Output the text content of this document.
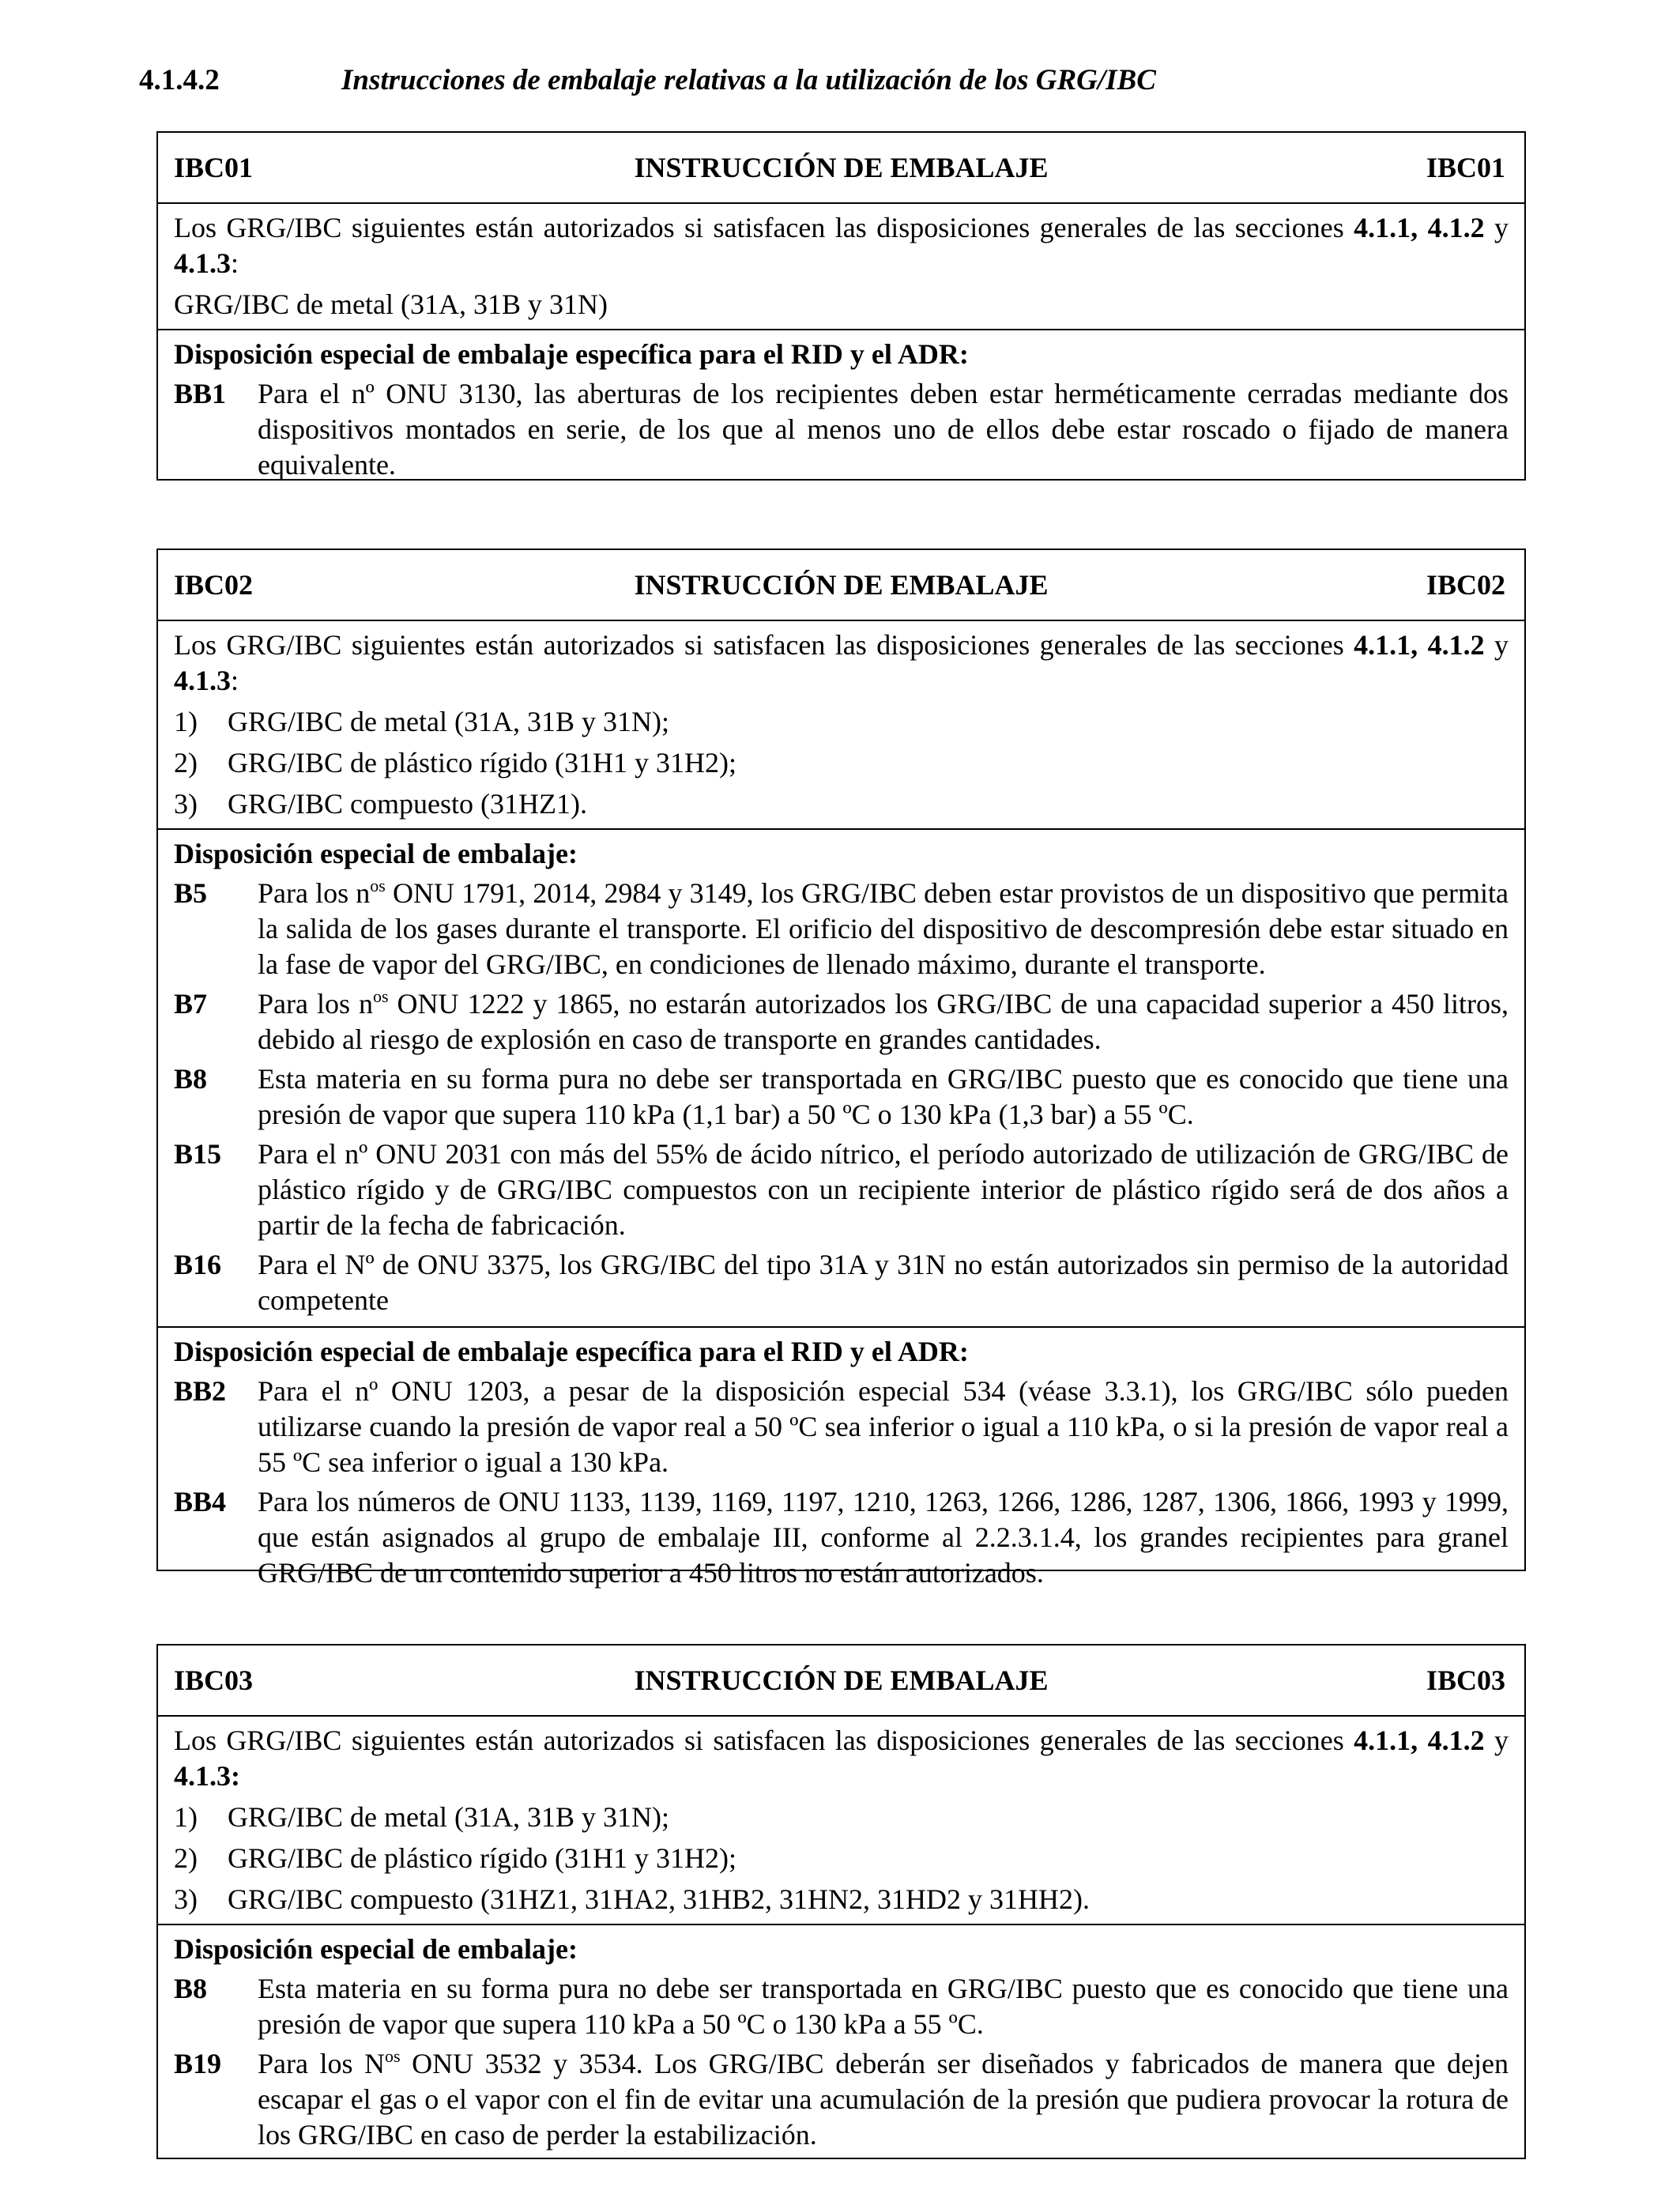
4.1.4.2	Instrucciones de embalaje relativas a la utilización de los GRG/IBC
IBC01	INSTRUCCIÓN DE EMBALAJE	IBC01
Los GRG/IBC siguientes están autorizados si satisfacen las disposiciones generales de las secciones 4.1.1, 4.1.2 y 4.1.3:
GRG/IBC de metal (31A, 31B y 31N)
Disposición especial de embalaje específica para el RID y el ADR:
BB1 Para el nº ONU 3130, las aberturas de los recipientes deben estar herméticamente cerradas mediante dos dispositivos montados en serie, de los que al menos uno de ellos debe estar roscado o fijado de manera equivalente.
IBC02	INSTRUCCIÓN DE EMBALAJE	IBC02
Los GRG/IBC siguientes están autorizados si satisfacen las disposiciones generales de las secciones 4.1.1, 4.1.2 y 4.1.3:
1) GRG/IBC de metal (31A, 31B y 31N);
2) GRG/IBC de plástico rígido (31H1 y 31H2);
3) GRG/IBC compuesto (31HZ1).
Disposición especial de embalaje:
B5 Para los $n^{os}$ ONU 1791, 2014, 2984 y 3149, los GRG/IBC deben estar provistos de un dispositivo que permita la salida de los gases durante el transporte. El orificio del dispositivo de descompresión debe estar situado en la fase de vapor del GRG/IBC, en condiciones de llenado máximo, durante el transporte.
B7 Para los $n^{os}$ ONU 1222 y 1865, no estarán autorizados los GRG/IBC de una capacidad superior a 450 litros, debido al riesgo de explosión en caso de transporte en grandes cantidades.
B8 Esta materia en su forma pura no debe ser transportada en GRG/IBC puesto que es conocido que tiene una presión de vapor que supera 110 kPa (1,1 bar) a 50 ºC o 130 kPa (1,3 bar) a 55 ºC.
B15 Para el nº ONU 2031 con más del 55% de ácido nítrico, el período autorizado de utilización de GRG/IBC de plástico rígido y de GRG/IBC compuestos con un recipiente interior de plástico rígido será de dos años a partir de la fecha de fabricación.
B16 Para el Nº de ONU 3375, los GRG/IBC del tipo 31A y 31N no están autorizados sin permiso de la autoridad competente
Disposición especial de embalaje específica para el RID y el ADR:
BB2 Para el nº ONU 1203, a pesar de la disposición especial 534 (véase 3.3.1), los GRG/IBC sólo pueden utilizarse cuando la presión de vapor real a 50 ºC sea inferior o igual a 110 kPa, o si la presión de vapor real a 55 ºC sea inferior o igual a 130 kPa.
BB4 Para los números de ONU 1133, 1139, 1169, 1197, 1210, 1263, 1266, 1286, 1287, 1306, 1866, 1993 y 1999, que están asignados al grupo de embalaje III, conforme al 2.2.3.1.4, los grandes recipientes para granel GRG/IBC de un contenido superior a 450 litros no están autorizados.
IBC03	INSTRUCCIÓN DE EMBALAJE	IBC03
Los GRG/IBC siguientes están autorizados si satisfacen las disposiciones generales de las secciones 4.1.1, 4.1.2 y 4.1.3:
1) GRG/IBC de metal (31A, 31B y 31N);
2) GRG/IBC de plástico rígido (31H1 y 31H2);
3) GRG/IBC compuesto (31HZ1, 31HA2, 31HB2, 31HN2, 31HD2 y 31HH2).
Disposición especial de embalaje:
B8 Esta materia en su forma pura no debe ser transportada en GRG/IBC puesto que es conocido que tiene una presión de vapor que supera 110 kPa a 50 ºC o 130 kPa a 55 ºC.
B19 Para los $N^{os}$ ONU 3532 y 3534. Los GRG/IBC deberán ser diseñados y fabricados de manera que dejen escapar el gas o el vapor con el fin de evitar una acumulación de la presión que pudiera provocar la rotura de los GRG/IBC en caso de perder la estabilización.
